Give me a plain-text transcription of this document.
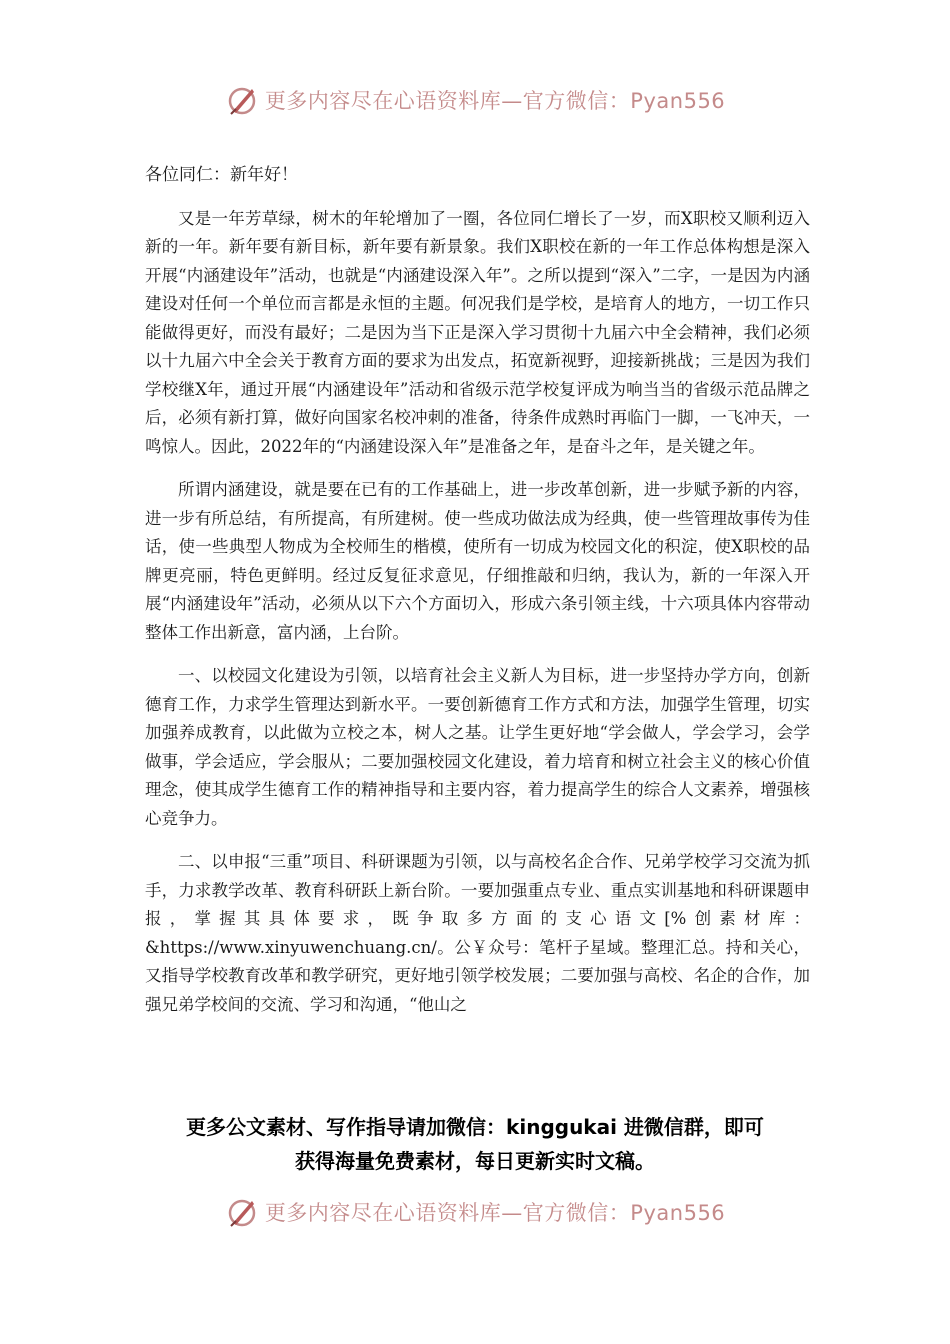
更多内容尽在心语资料库—官方微信：Pyan556

各位同仁：新年好！

又是一年芳草绿，树木的年轮增加了一圈，各位同仁增长了一岁，而X职校又顺利迈入新的一年。新年要有新目标，新年要有新景象。我们X职校在新的一年工作总体构想是深入开展“内涵建设年”活动，也就是“内涵建设深入年”。之所以提到“深入”二字，一是因为内涵建设对任何一个单位而言都是永恒的主题。何况我们是学校，是培育人的地方，一切工作只能做得更好，而没有最好；二是因为当下正是深入学习贯彻十九届六中全会精神，我们必须以十九届六中全会关于教育方面的要求为出发点，拓宽新视野，迎接新挑战；三是因为我们学校继X年，通过开展“内涵建设年”活动和省级示范学校复评成为响当当的省级示范品牌之后，必须有新打算，做好向国家名校冲刺的准备，待条件成熟时再临门一脚，一飞冲天，一鸣惊人。因此，2022年的“内涵建设深入年”是准备之年，是奋斗之年，是关键之年。

所谓内涵建设，就是要在已有的工作基础上，进一步改革创新，进一步赋予新的内容，进一步有所总结，有所提高，有所建树。使一些成功做法成为经典，使一些管理故事传为佳话，使一些典型人物成为全校师生的楷模，使所有一切成为校园文化的积淀，使X职校的品牌更亮丽，特色更鲜明。经过反复征求意见，仔细推敲和归纳，我认为，新的一年深入开展“内涵建设年”活动，必须从以下六个方面切入，形成六条引领主线，十六项具体内容带动整体工作出新意，富内涵，上台阶。

一、以校园文化建设为引领，以培育社会主义新人为目标，进一步坚持办学方向，创新德育工作，力求学生管理达到新水平。一要创新德育工作方式和方法，加强学生管理，切实加强养成教育，以此做为立校之本，树人之基。让学生更好地“学会做人，学会学习，会学做事，学会适应，学会服从；二要加强校园文化建设，着力培育和树立社会主义的核心价值理念，使其成学生德育工作的精神指导和主要内容，着力提高学生的综合人文素养，增强核心竞争力。

二、以申报“三重”项目、科研课题为引领，以与高校名企合作、兄弟学校学习交流为抓手，力求教学改革、教育科研跃上新台阶。一要加强重点专业、重点实训基地和科研课题申报，掌握其具体要求，既争取多方面的支心语文[%创素材库：&https://www.xinyuwenchuang.cn/。公￥众号：笔杆子星域。整理汇总。持和关心，又指导学校教育改革和教学研究，更好地引领学校发展；二要加强与高校、名企的合作，加强兄弟学校间的交流、学习和沟通，“他山之

更多公文素材、写作指导请加微信：kinggukai 进微信群，即可
获得海量免费素材，每日更新实时文稿。
更多内容尽在心语资料库—官方微信：Pyan556
